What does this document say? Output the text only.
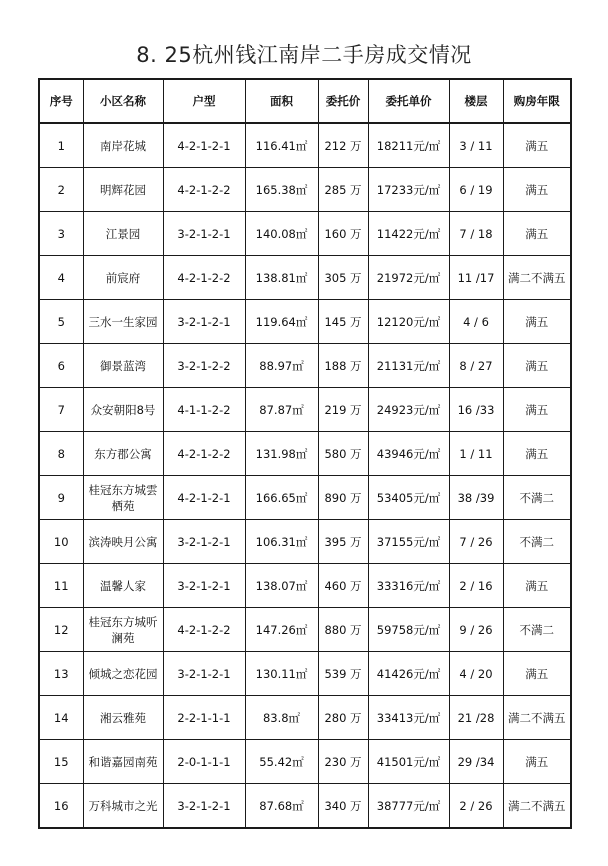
8. 25杭州钱江南岸二手房成交情况
序号	小区名称	户型	面积	委托价	委托单价	楼层	购房年限
1	南岸花城	4-2-1-2-1	116.41㎡	212 万	18211元/㎡	3 / 11	满五
2	明辉花园	4-2-1-2-2	165.38㎡	285 万	17233元/㎡	6 / 19	满五
3	江景园	3-2-1-2-1	140.08㎡	160 万	11422元/㎡	7 / 18	满五
4	前宸府	4-2-1-2-2	138.81㎡	305 万	21972元/㎡	11 /17	满二不满五
5	三水一生家园	3-2-1-2-1	119.64㎡	145 万	12120元/㎡	4 / 6	满五
6	御景蓝湾	3-2-1-2-2	88.97㎡	188 万	21131元/㎡	8 / 27	满五
7	众安朝阳8号	4-1-1-2-2	87.87㎡	219 万	24923元/㎡	16 /33	满五
8	东方郡公寓	4-2-1-2-2	131.98㎡	580 万	43946元/㎡	1 / 11	满五
9	桂冠东方城雲栖苑	4-2-1-2-1	166.65㎡	890 万	53405元/㎡	38 /39	不满二
10	滨涛映月公寓	3-2-1-2-1	106.31㎡	395 万	37155元/㎡	7 / 26	不满二
11	温馨人家	3-2-1-2-1	138.07㎡	460 万	33316元/㎡	2 / 16	满五
12	桂冠东方城听澜苑	4-2-1-2-2	147.26㎡	880 万	59758元/㎡	9 / 26	不满二
13	倾城之恋花园	3-2-1-2-1	130.11㎡	539 万	41426元/㎡	4 / 20	满五
14	湘云雅苑	2-2-1-1-1	83.8㎡	280 万	33413元/㎡	21 /28	满二不满五
15	和谐嘉园南苑	2-0-1-1-1	55.42㎡	230 万	41501元/㎡	29 /34	满五
16	万科城市之光	3-2-1-2-1	87.68㎡	340 万	38777元/㎡	2 / 26	满二不满五
